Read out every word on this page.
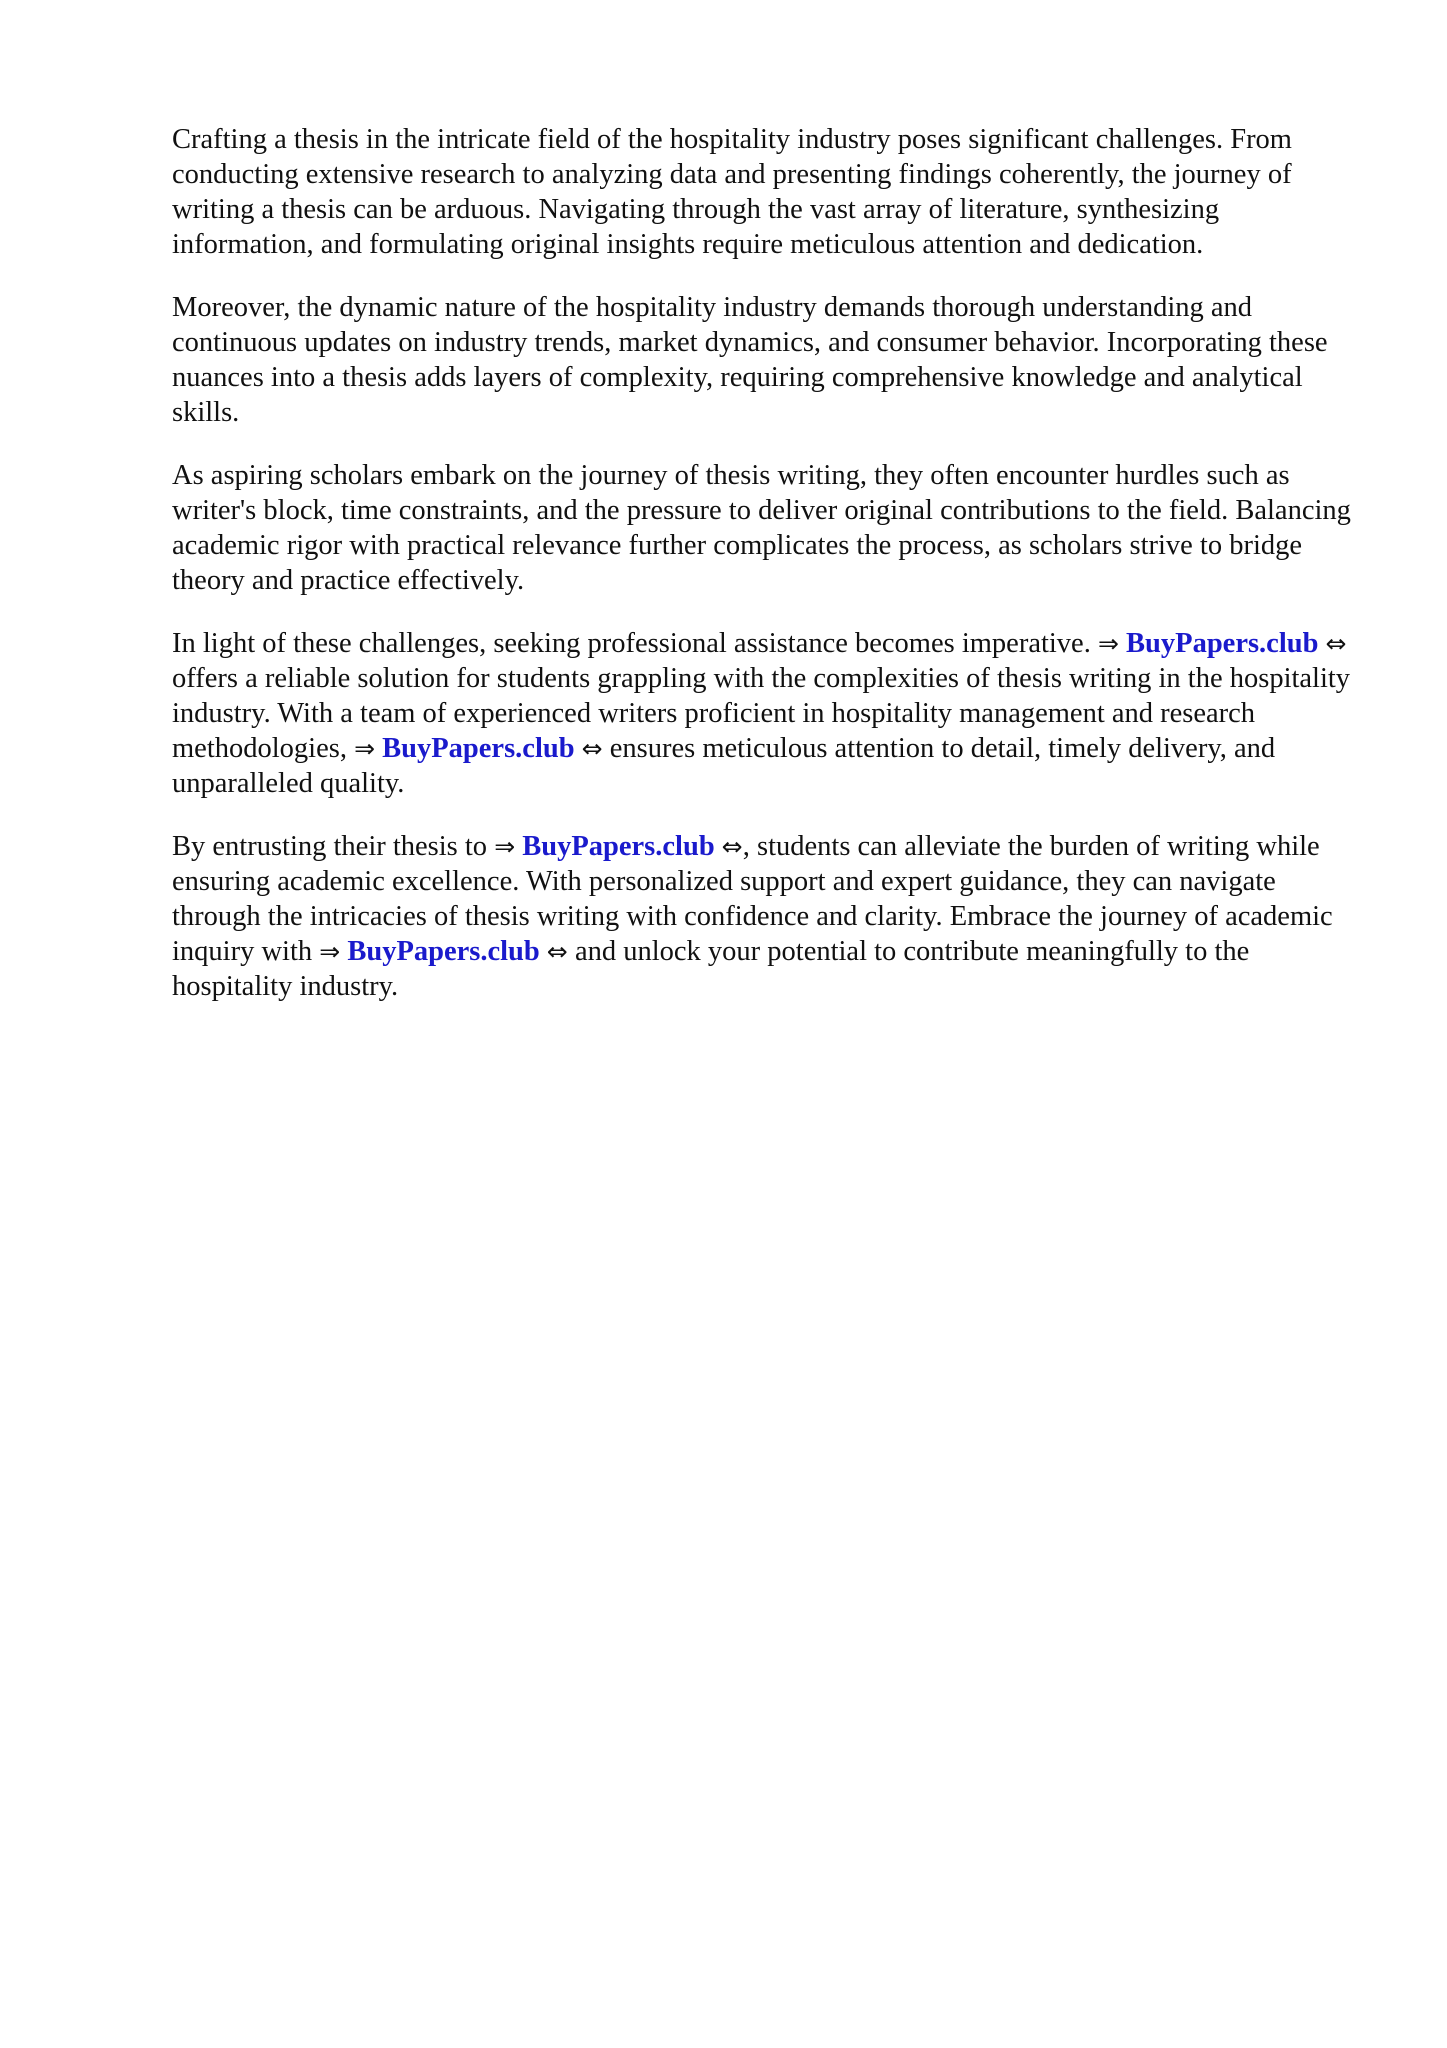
Crafting a thesis in the intricate field of the hospitality industry poses significant challenges. From conducting extensive research to analyzing data and presenting findings coherently, the journey of writing a thesis can be arduous. Navigating through the vast array of literature, synthesizing information, and formulating original insights require meticulous attention and dedication.

Moreover, the dynamic nature of the hospitality industry demands thorough understanding and continuous updates on industry trends, market dynamics, and consumer behavior. Incorporating these nuances into a thesis adds layers of complexity, requiring comprehensive knowledge and analytical skills.

As aspiring scholars embark on the journey of thesis writing, they often encounter hurdles such as writer's block, time constraints, and the pressure to deliver original contributions to the field. Balancing academic rigor with practical relevance further complicates the process, as scholars strive to bridge theory and practice effectively.

In light of these challenges, seeking professional assistance becomes imperative. ⇒ BuyPapers.club ⇔ offers a reliable solution for students grappling with the complexities of thesis writing in the hospitality industry. With a team of experienced writers proficient in hospitality management and research methodologies, ⇒ BuyPapers.club ⇔ ensures meticulous attention to detail, timely delivery, and unparalleled quality.

By entrusting their thesis to ⇒ BuyPapers.club ⇔, students can alleviate the burden of writing while ensuring academic excellence. With personalized support and expert guidance, they can navigate through the intricacies of thesis writing with confidence and clarity. Embrace the journey of academic inquiry with ⇒ BuyPapers.club ⇔ and unlock your potential to contribute meaningfully to the hospitality industry.
